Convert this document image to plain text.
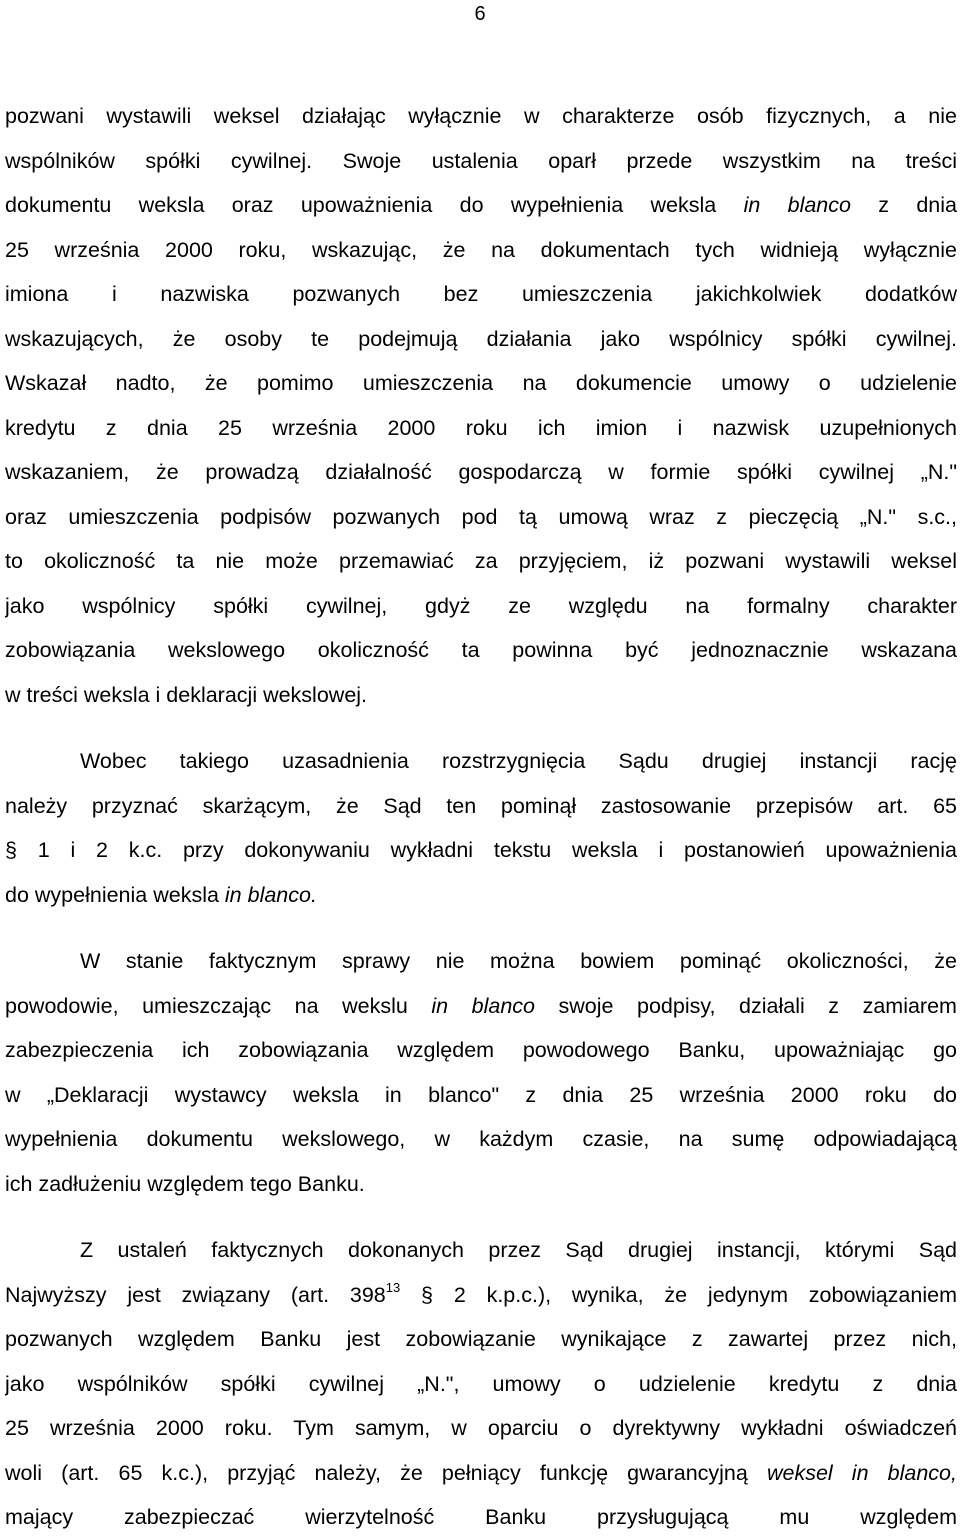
6
pozwani wystawili weksel działając wyłącznie w charakterze osób fizycznych, a nie
wspólników spółki cywilnej. Swoje ustalenia oparł przede wszystkim na treści
dokumentu weksla oraz upoważnienia do wypełnienia weksla in blanco z dnia
25 września 2000 roku, wskazując, że na dokumentach tych widnieją wyłącznie
imiona i nazwiska pozwanych bez umieszczenia jakichkolwiek dodatków
wskazujących, że osoby te podejmują działania jako wspólnicy spółki cywilnej.
Wskazał nadto, że pomimo umieszczenia na dokumencie umowy o udzielenie
kredytu z dnia 25 września 2000 roku ich imion i nazwisk uzupełnionych
wskazaniem, że prowadzą działalność gospodarczą w formie spółki cywilnej „N."
oraz umieszczenia podpisów pozwanych pod tą umową wraz z pieczęcią „N." s.c.,
to okoliczność ta nie może przemawiać za przyjęciem, iż pozwani wystawili weksel
jako wspólnicy spółki cywilnej, gdyż ze względu na formalny charakter
zobowiązania wekslowego okoliczność ta powinna być jednoznacznie wskazana
w treści weksla i deklaracji wekslowej.
Wobec takiego uzasadnienia rozstrzygnięcia Sądu drugiej instancji rację
należy przyznać skarżącym, że Sąd ten pominął zastosowanie przepisów art. 65
§ 1 i 2 k.c. przy dokonywaniu wykładni tekstu weksla i postanowień upoważnienia
do wypełnienia weksla in blanco.
W stanie faktycznym sprawy nie można bowiem pominąć okoliczności, że
powodowie, umieszczając na wekslu in blanco swoje podpisy, działali z zamiarem
zabezpieczenia ich zobowiązania względem powodowego Banku, upoważniając go
w „Deklaracji wystawcy weksla in blanco" z dnia 25 września 2000 roku do
wypełnienia dokumentu wekslowego, w każdym czasie, na sumę odpowiadającą
ich zadłużeniu względem tego Banku.
Z ustaleń faktycznych dokonanych przez Sąd drugiej instancji, którymi Sąd
Najwyższy jest związany (art. $398^{13}$ § 2 k.p.c.), wynika, że jedynym zobowiązaniem
pozwanych względem Banku jest zobowiązanie wynikające z zawartej przez nich,
jako wspólników spółki cywilnej „N.", umowy o udzielenie kredytu z dnia
25 września 2000 roku. Tym samym, w oparciu o dyrektywny wykładni oświadczeń
woli (art. 65 k.c.), przyjąć należy, że pełniący funkcję gwarancyjną weksel in blanco,
mający zabezpieczać wierzytelność Banku przysługującą mu względem
